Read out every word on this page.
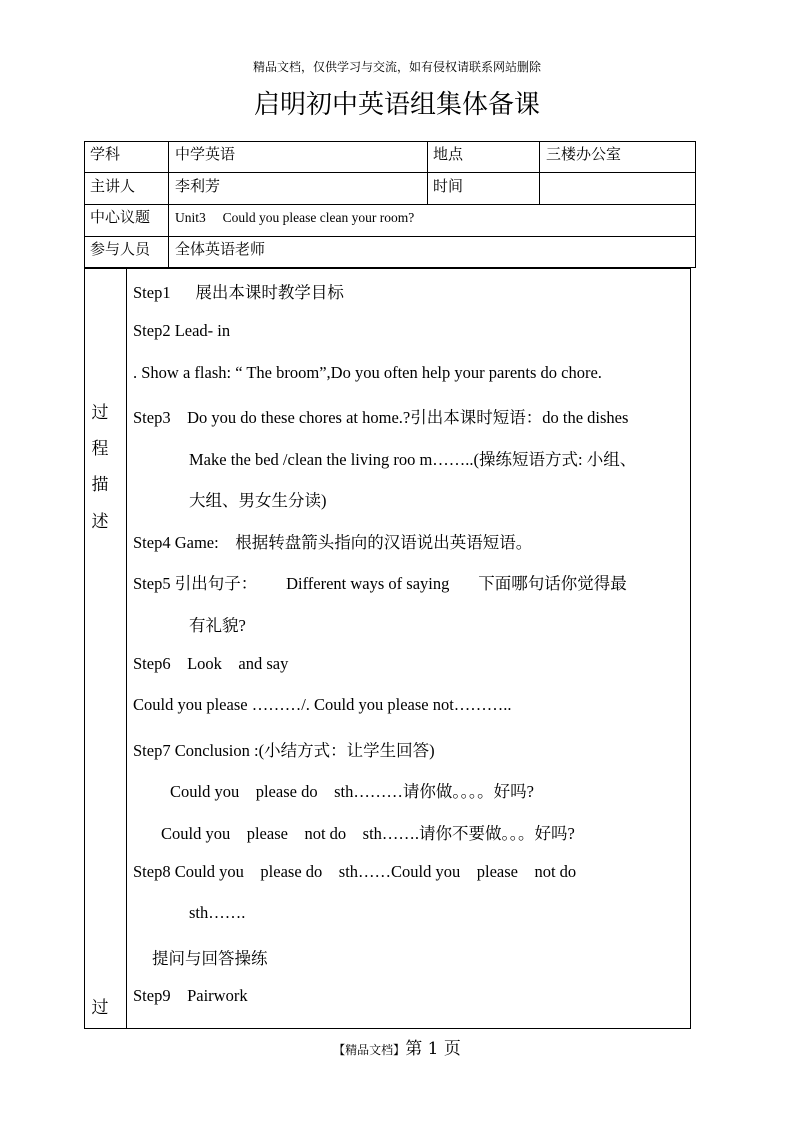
精品文档，仅供学习与交流，如有侵权请联系网站删除
启明初中英语组集体备课
学科	中学英语	地点	三楼办公室
主讲人	李利芳	时间
中心议题 Unit3     Could you please clean your room?
参与人员 全体英语老师
过
程
描
述
过
Step1      展出本课时教学目标
Step2 Lead- in
. Show a flash: “ The broom”,Do you often help your parents do chore.
Step3    Do you do these chores at home.?引出本课时短语：do the dishes
Make the bed /clean the living roo m……..(操练短语方式: 小组、
大组、男女生分读)
Step4 Game:    根据转盘箭头指向的汉语说出英语短语。
Step5 引出句子：       Different ways of saying       下面哪句话你觉得最
有礼貌?
Step6    Look    and say
Could you please ………/. Could you please not………..
Step7 Conclusion :(小结方式：让学生回答)
Could you    please do    sth………请你做。。。。好吗?
Could you    please    not do    sth…….请你不要做。。。好吗?
Step8 Could you    please do    sth……Could you    please    not do
sth…….
提问与回答操练
Step9    Pairwork
【精品文档】第 1 页
